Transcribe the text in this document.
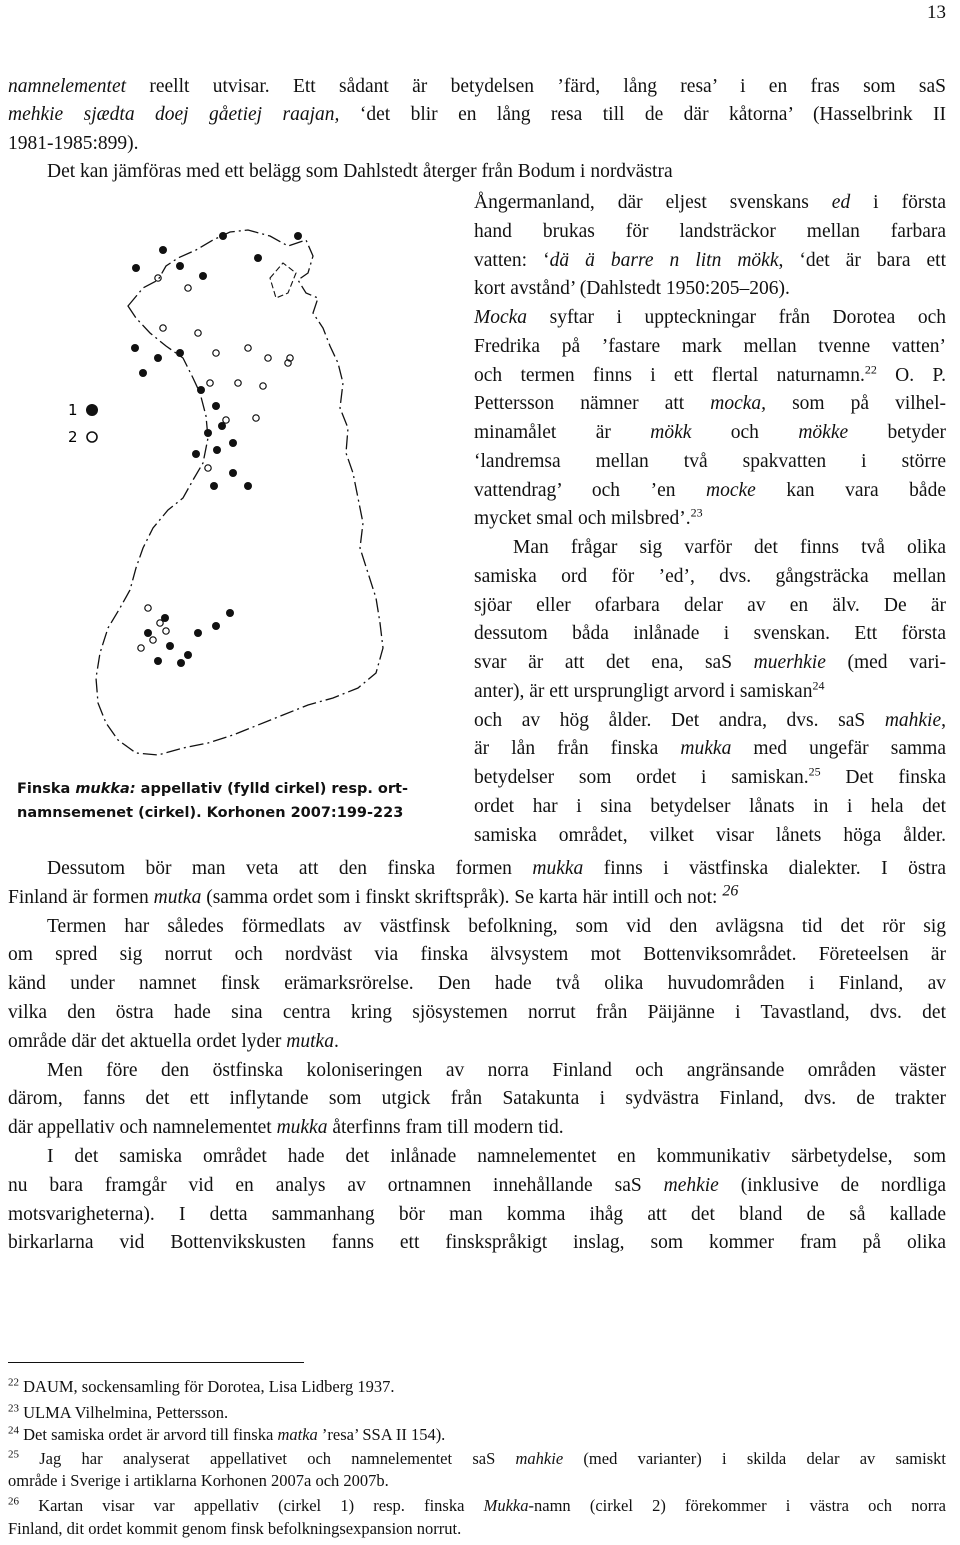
13
namnelementet reellt utvisar. Ett sådant är betydelsen ’färd, lång resa’ i en fras som saS
mehkie sjædta doej gåetiej raajan, ‘det blir en lång resa till de där kåtorna’ (Hasselbrink II
1981-1985:899).
  Det kan jämföras med ett belägg som Dahlstedt återger från Bodum i nordvästra
Ångermanland, där eljest svenskans ed i första
hand brukas för landsträckor mellan farbara
vatten: ‘dä ä barre n litn mökk, ‘det är bara ett
kort avstånd’ (Dahlstedt 1950:205–206).
Mocka syftar i uppteckningar från Dorotea och
Fredrika på ’fastare mark mellan tvenne vatten’
och termen finns i ett flertal naturnamn.$^{22}$ O. P.
Pettersson nämner att mocka, som på vilhel-
minamålet är mökk och mökke betyder
‘landremsa mellan två spakvatten i större
vattendrag’ och ’en mocke kan vara både
mycket smal och milsbred’.$^{23}$
  Man frågar sig varför det finns två olika
samiska ord för ’ed’, dvs. gångsträcka mellan
sjöar eller ofarbara delar av en älv. De är
dessutom båda inlånade i svenskan. Ett första
svar är att det ena, saS muerhkie (med vari-
anter), är ett ursprungligt arvord i samiskan$^{24}$
och av hög ålder. Det andra, dvs. saS mahkie,
är lån från finska mukka med ungefär samma
betydelser som ordet i samiskan.$^{25}$ Det finska
ordet har i sina betydelser lånats in i hela det
samiska området, vilket visar lånets höga ålder.
1
2
Finska mukka: appellativ (fylld cirkel) resp. ort-
namnsemenet (cirkel). Korhonen 2007:199-223
  Dessutom bör man veta att den finska formen mukka finns i västfinska dialekter. I östra
Finland är formen mutka (samma ordet som i finskt skriftspråk). Se karta här intill och not: $^{26}$
  Termen har således förmedlats av västfinsk befolkning, som vid den avlägsna tid det rör sig
om spred sig norrut och nordväst via finska älvsystem mot Bottenviksområdet. Företeelsen är
känd under namnet finsk erämarksrörelse. Den hade två olika huvudområden i Finland, av
vilka den östra hade sina centra kring sjösystemen norrut från Päijänne i Tavastland, dvs. det
område där det aktuella ordet lyder mutka.
  Men före den östfinska koloniseringen av norra Finland och angränsande områden väster
därom, fanns det ett inflytande som utgick från Satakunta i sydvästra Finland, dvs. de trakter
där appellativ och namnelementet mukka återfinns fram till modern tid.
  I det samiska området hade det inlånade namnelementet en kommunikativ särbetydelse, som
nu bara framgår vid en analys av ortnamnen innehållande saS mehkie (inklusive de nordliga
motsvarigheterna). I detta sammanhang bör man komma ihåg att det bland de så kallade
birkarlarna vid Bottenvikskusten fanns ett finskspråkigt inslag, som kommer fram på olika
$^{22}$ DAUM, sockensamling för Dorotea, Lisa Lidberg 1937.
$^{23}$ ULMA Vilhelmina, Pettersson.
$^{24}$ Det samiska ordet är arvord till finska matka ’resa’ SSA II 154).
$^{25}$ Jag har analyserat appellativet och namnelementet saS mahkie (med varianter) i skilda delar av samiskt
område i Sverige i artiklarna Korhonen 2007a och 2007b.
$^{26}$ Kartan visar var appellativ (cirkel 1) resp. finska Mukka-namn (cirkel 2) förekommer i västra och norra
Finland, dit ordet kommit genom finsk befolkningsexpansion norrut.
